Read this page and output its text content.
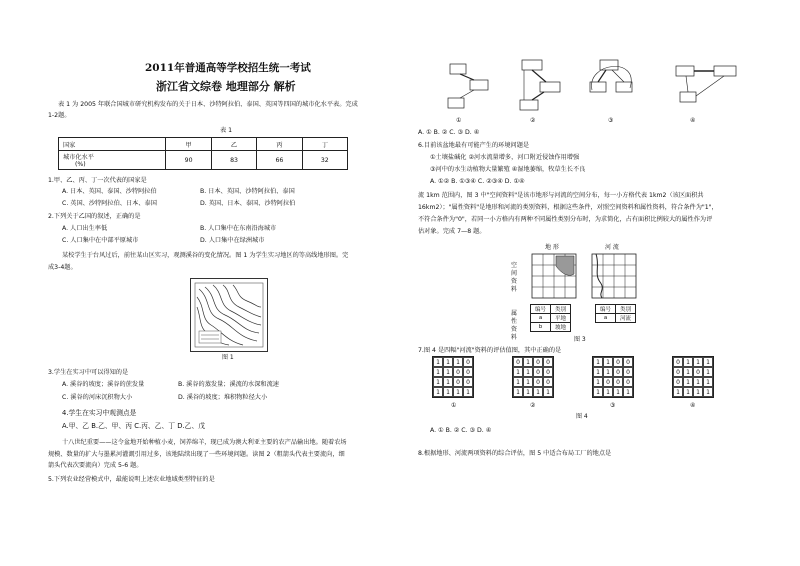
2011年普通高等学校招生统一考试
浙江省文综卷 地理部分 解析
表 1 为 2005 年联合国城市研究机构发布的关于日本、沙特阿拉伯、泰国、英国等四国的城市化水平表。完成
1-2题。
表 1
国家	甲	乙	丙	丁

城市化水平
(%)	90	83	66	32
1.甲、乙、丙、丁一次代表的国家是
A. 日本、英国、泰国、沙特阿拉伯	B. 日本、英国、沙特阿拉伯、泰国
C. 英国、沙特阿拉伯、日本、泰国	D. 英国、日本、泰国、沙特阿拉伯
2.下列关于乙国的叙述，正确的是
A. 人口出生率低	B. 人口集中在东南沿海城市
C. 人口集中在中部平原城市	D. 人口集中在绿洲城市
某校学生于台风过后，前往某山区实习，观测溪谷的变化情况。图 1 为学生实习地区的等高线地形图。完
成3-4题。
图 1
3.学生在实习中可以得知的是
A. 溪谷的坡度；溪谷的蔗发量	B. 溪谷的蒸发量；溪流的水深和流速
C. 溪谷的河床沉积物大小	D. 溪谷的坡度；堆积物粒径大小
4.学生在实习中观测点是
A.甲、乙 B.乙、甲、丙 C.丙、乙、丁 D.乙、戊
十八世纪重要——这令盆地开始种植小麦，饲养绵羊，现已成为澳大利亚主要的农产品输出地。随着农场
规模、数量的扩大与墨累河灌溉引用过多，该地陆续出现了一些环境问题。读图 2（粗箭头代表主要流向，细
箭头代表次要流向）完成 5-6 题。
5.下列农业经营模式中，最能说明上述农业地域类型特征的是
①	②	③	④
A. ① B. ② C. ③ D. ④
6.目前该盆地最有可能产生的环境问题是
①土壤盐碱化 ②河水流量增多，河口附近侵蚀作用增强
③河中的水生动植物大量繁殖 ④湿地萎缩，牧草生长不良
A. ①② B. ①③④ C. ②③④ D. ①④
流 1km 范围内，图 3 中"空间资料"是该市地形与河流的空间分布，每一小方格代表 1km2（该区面积共
16km2）；"属性资料"是地形和河流的类别资料，根据这些条件，对照空间资料和属性资料，符合条件为"1"，
不符合条件为"0"，若同一小方格内有两种不同属性类别分布时，为求简化，占有面积比例较大的属性作为评
估对象。完成 7—8 题。
地 形	河 流
空间资料
属性资料
编号	类别
a	平地
b	坡地
编号	类别
a	河流
图 3
7.图 4 是四幅"河流"资料的评估值图，其中正确的是
1	1	1	0
1	1	0	0
1	1	0	0
1	1	1	1
0	1	0	0
1	1	0	0
1	1	0	0
1	1	1	1
1	1	0	0
1	1	0	0
1	0	0	0
1	1	1	1
0	1	1	1
0	1	0	1
0	1	1	1
1	1	1	1
①	②	③	④
图 4
A. ① B. ② C. ③ D. ④
8.根据地形、河流两项资料的综合评估，图 5 中适合布局工厂的地点是
